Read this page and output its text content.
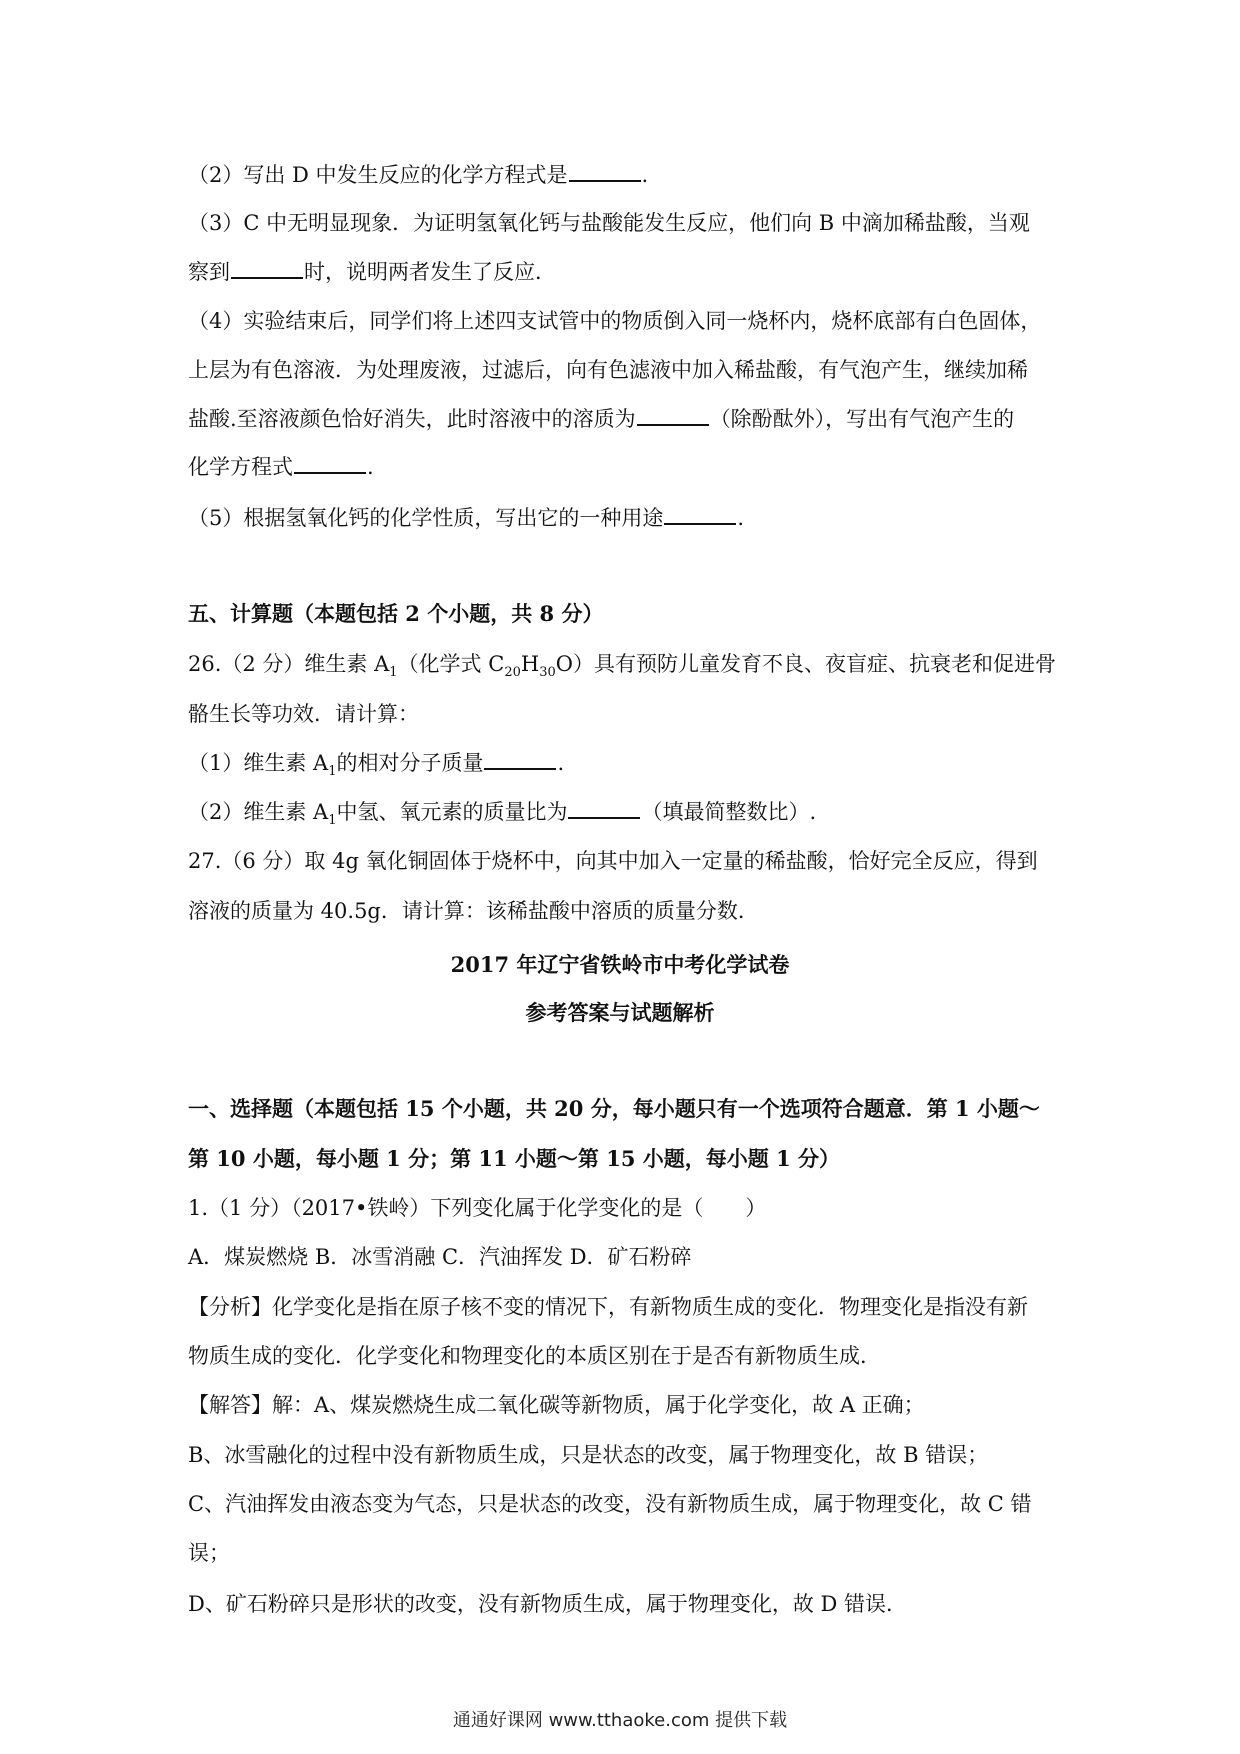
（2）写出 D 中发生反应的化学方程式是	.
（3）C 中无明显现象．为证明氢氧化钙与盐酸能发生反应，他们向 B 中滴加稀盐酸，当观
察到	时，说明两者发生了反应．
（4）实验结束后，同学们将上述四支试管中的物质倒入同一烧杯内，烧杯底部有白色固体，
上层为有色溶液．为处理废液，过滤后，向有色滤液中加入稀盐酸，有气泡产生，继续加稀
盐酸.至溶液颜色恰好消失，此时溶液中的溶质为	（除酚酞外），写出有气泡产生的
化学方程式	.
（5）根据氢氧化钙的化学性质，写出它的一种用途	.
五、计算题（本题包括 2 个小题，共 8 分）
26.（2 分）维生素 $A_1$（化学式 $C_{20}H_{30}O$）具有预防儿童发育不良、夜盲症、抗衰老和促进骨
骼生长等功效．请计算：
（1）维生素 $A_1$的相对分子质量	.
（2）维生素 $A_1$中氢、氧元素的质量比为	（填最简整数比）.
27.（6 分）取 4g 氧化铜固体于烧杯中，向其中加入一定量的稀盐酸，恰好完全反应，得到
溶液的质量为 40.5g．请计算：该稀盐酸中溶质的质量分数．
2017 年辽宁省铁岭市中考化学试卷
参考答案与试题解析
一、选择题（本题包括 15 个小题，共 20 分，每小题只有一个选项符合题意．第 1 小题～
第 10 小题，每小题 1 分；第 11 小题～第 15 小题，每小题 1 分）
1.（1 分）（2017•铁岭）下列变化属于化学变化的是（　　）
A．煤炭燃烧 B．冰雪消融 C．汽油挥发 D．矿石粉碎
【分析】化学变化是指在原子核不变的情况下，有新物质生成的变化．物理变化是指没有新
物质生成的变化．化学变化和物理变化的本质区别在于是否有新物质生成．
【解答】解：A、煤炭燃烧生成二氧化碳等新物质，属于化学变化，故 A 正确；
B、冰雪融化的过程中没有新物质生成，只是状态的改变，属于物理变化，故 B 错误；
C、汽油挥发由液态变为气态，只是状态的改变，没有新物质生成，属于物理变化，故 C 错
误；
D、矿石粉碎只是形状的改变，没有新物质生成，属于物理变化，故 D 错误．
通通好课网 www.tthaoke.com 提供下载
